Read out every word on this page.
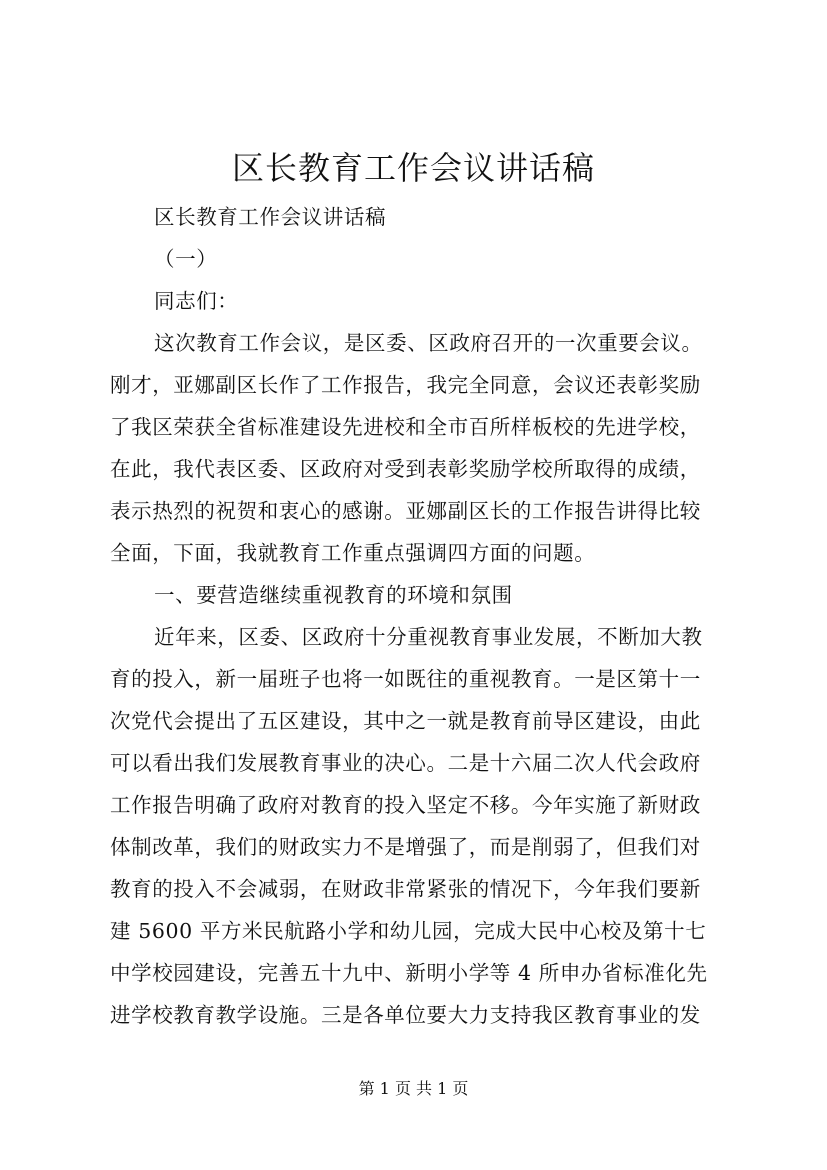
区长教育工作会议讲话稿

区长教育工作会议讲话稿

（一）

同志们：

这次教育工作会议，是区委、区政府召开的一次重要会议。

刚才，亚娜副区长作了工作报告，我完全同意，会议还表彰奖励

了我区荣获全省标准建设先进校和全市百所样板校的先进学校，

在此，我代表区委、区政府对受到表彰奖励学校所取得的成绩，

表示热烈的祝贺和衷心的感谢。亚娜副区长的工作报告讲得比较

全面，下面，我就教育工作重点强调四方面的问题。

一、要营造继续重视教育的环境和氛围

近年来，区委、区政府十分重视教育事业发展，不断加大教

育的投入，新一届班子也将一如既往的重视教育。一是区第十一

次党代会提出了五区建设，其中之一就是教育前导区建设，由此

可以看出我们发展教育事业的决心。二是十六届二次人代会政府

工作报告明确了政府对教育的投入坚定不移。今年实施了新财政

体制改革，我们的财政实力不是增强了，而是削弱了，但我们对

教育的投入不会减弱，在财政非常紧张的情况下，今年我们要新

建 5600 平方米民航路小学和幼儿园，完成大民中心校及第十七

中学校园建设，完善五十九中、新明小学等 4 所申办省标准化先

进学校教育教学设施。三是各单位要大力支持我区教育事业的发

第 1 页 共 1 页
